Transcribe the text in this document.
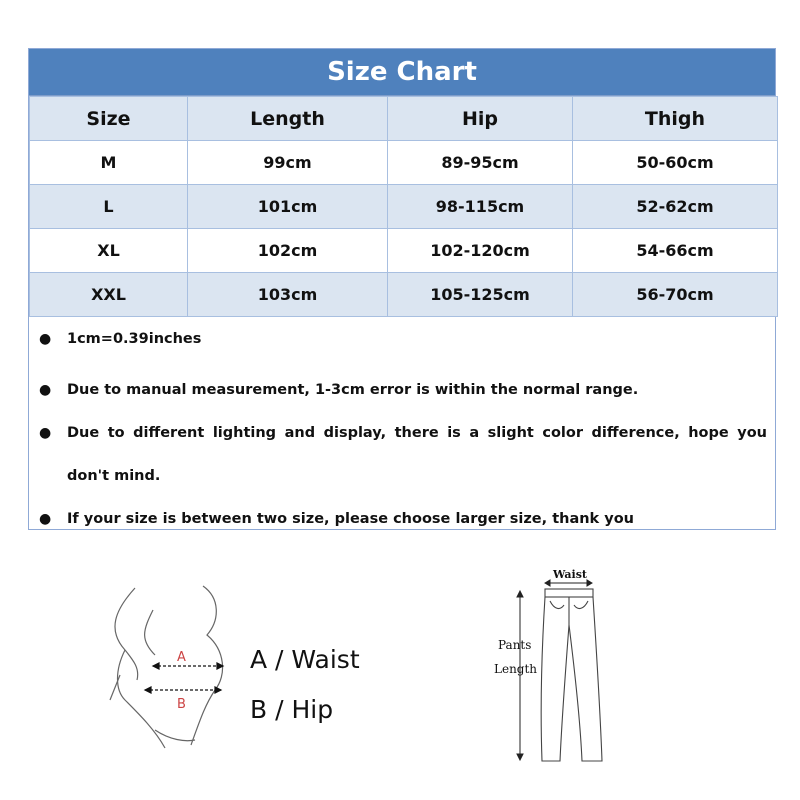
Size Chart
Size	Length	Hip	Thigh
M	99cm	89-95cm	50-60cm
L	101cm	98-115cm	52-62cm
XL	102cm	102-120cm	54-66cm
XXL	103cm	105-125cm	56-70cm
●	1cm=0.39inches
●	Due to manual measurement, 1-3cm error is within the normal range.
●	Due to different lighting and display, there is a slight color difference, hope you don't mind.
●	If your size is between two size, please choose larger size, thank you
A
B
A / Waist
B / Hip
Waist
Pants
Length
